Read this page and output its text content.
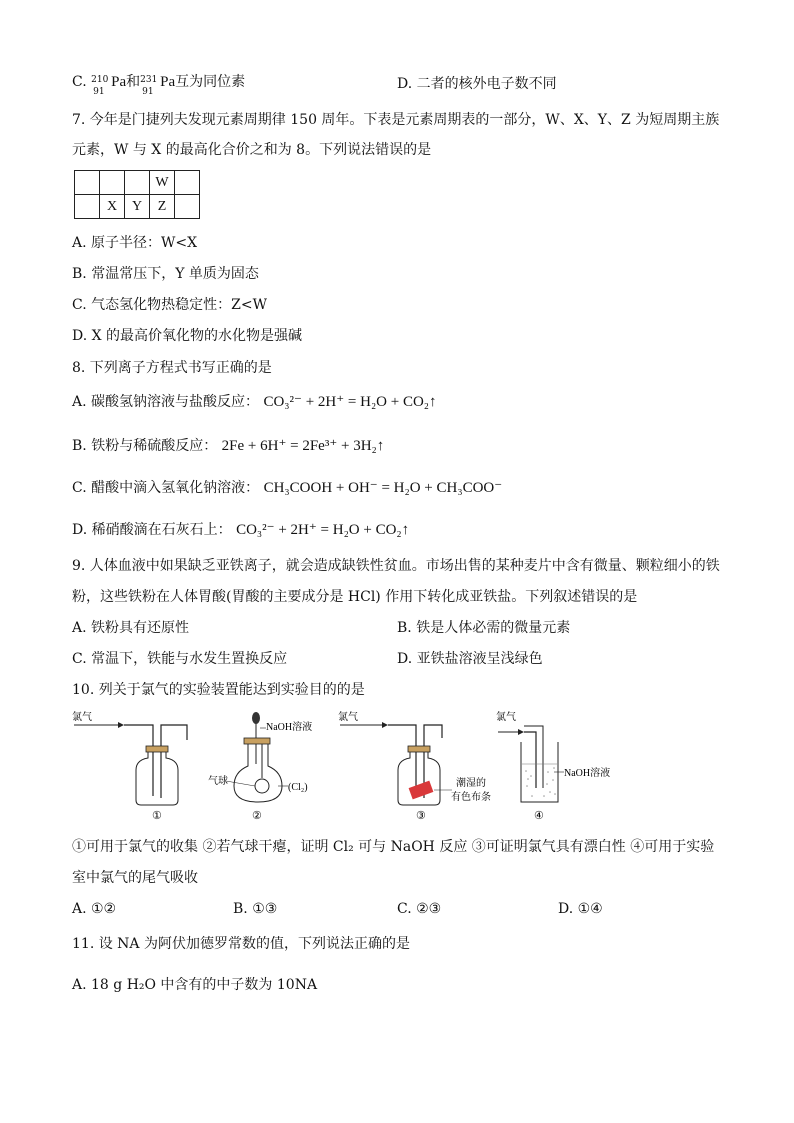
C. 210
91
Pa和 231
91
Pa互为同位素	D. 二者的核外电子数不同
7. 今年是门捷列夫发现元素周期律 150 周年。下表是元素周期表的一部分，W、X、Y、Z 为短周期主族
元素，W 与 X 的最高化合价之和为 8。下列说法错误的是
			W	
	X	Y	Z	
A. 原子半径：W<X
B. 常温常压下，Y 单质为固态
C. 气态氢化物热稳定性：Z<W
D. X 的最高价氧化物的水化物是强碱
8. 下列离子方程式书写正确的是
A. 碳酸氢钠溶液与盐酸反应： CO₃²⁻ + 2H⁺ = H₂O + CO₂↑
B. 铁粉与稀硫酸反应： 2Fe + 6H⁺ = 2Fe³⁺ + 3H₂↑
C. 醋酸中滴入氢氧化钠溶液： CH₃COOH + OH⁻ = H₂O + CH₃COO⁻
D. 稀硝酸滴在石灰石上： CO₃²⁻ + 2H⁺ = H₂O + CO₂↑
9. 人体血液中如果缺乏亚铁离子，就会造成缺铁性贫血。市场出售的某种麦片中含有微量、颗粒细小的铁
粉，这些铁粉在人体胃酸(胃酸的主要成分是 HCl) 作用下转化成亚铁盐。下列叙述错误的是
A. 铁粉具有还原性	B. 铁是人体必需的微量元素
C. 常温下，铁能与水发生置换反应	D. 亚铁盐溶液呈浅绿色
10. 列关于氯气的实验装置能达到实验目的的是
氯气
①
NaOH溶液
气球
(Cl₂)
②
氯气
潮湿的
有色布条
③
氯气
NaOH溶液
④
①可用于氯气的收集 ②若气球干瘪，证明 Cl₂ 可与 NaOH 反应 ③可证明氯气具有漂白性 ④可用于实验
室中氯气的尾气吸收
A. ①②	B. ①③	C. ②③	D. ①④
11. 设 NA 为阿伏加德罗常数的值，下列说法正确的是
A. 18 g H₂O 中含有的中子数为 10NA
